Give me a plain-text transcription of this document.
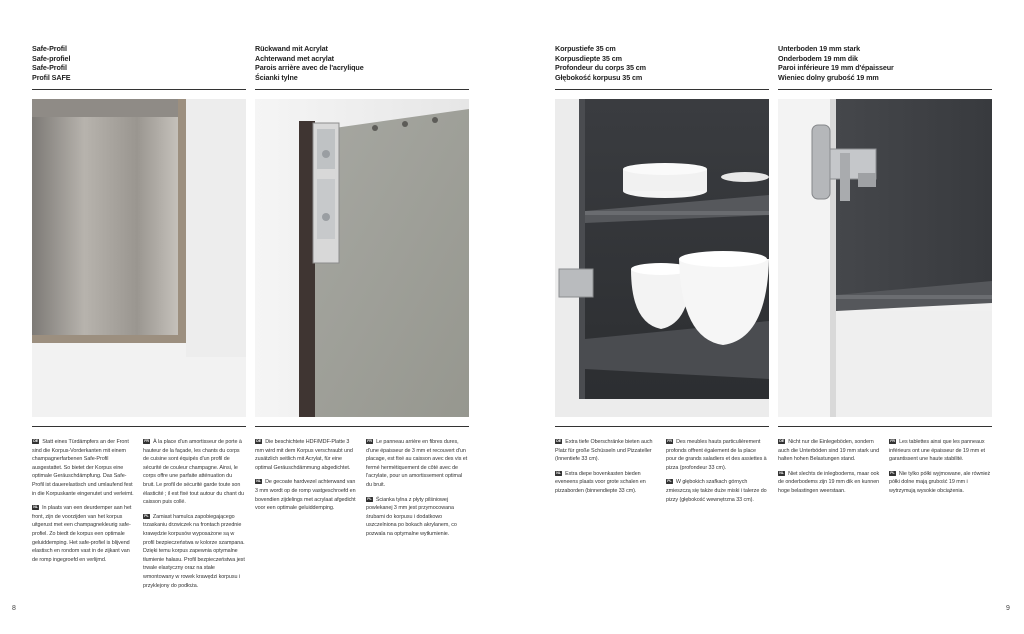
Safe-Profil
Safe-profiel
Safe-Profil
Profil SAFE

DE Statt eines Türdämpfers an der Front sind die Korpus-Vorderkanten mit einem champagnerfarbenen Safe-Profil ausgestattet. So bietet der Korpus eine optimale Geräuschdämpfung. Das Safe-Profil ist dauerelastisch und umlaufend fest in die Korpuskante eingenutet und verleimt.

NL In plaats van een deurdemper aan het front, zijn de voorzijden van het korpus uitgerust met een champagnekleurig safe-profiel. Zo biedt de korpus een optimale geluiddemping. Het safe-profiel is blijvend elastisch en rondom vast in de zijkant van de romp ingegroefd en verlijmd.

FR À la place d'un amortisseur de porte à hauteur de la façade, les chants du corps de cuisine sont équipés d'un profil de sécurité de couleur champagne. Ainsi, le corps offre une parfaite atténuation du bruit. Le profil de sécurité garde toute son élasticité ; il est fixé tout autour du chant du caisson puis collé.

PL Zamiast hamulca zapobiegającego trzaskaniu drzwiczek na frontach przednie krawędzie korpusów wyposażone są w profil bezpieczeństwa w kolorze szampana. Dzięki temu korpus zapewnia optymalne tłumienie hałasu. Profil bezpieczeństwa jest trwale elastyczny oraz na stałe wmontowany w rowek krawędzi korpusu i przyklejony do podłoża.

Rückwand mit Acrylat
Achterwand met acrylat
Parois arrière avec de l'acrylique
Ścianki tylne

DE Die beschichtete HDF/MDF-Platte 3 mm wird mit dem Korpus verschraubt und zusätzlich seitlich mit Acrylat, für eine optimal Geräuschdämmung abgedichtet.

NL De gecoate hardvezel achterwand van 3 mm wordt op de romp vastgeschroefd en bovendien zijdelings met acrylaat afgedicht voor een optimale geluiddemping.

FR Le panneau arrière en fibres dures, d'une épaisseur de 3 mm et recouvert d'un placage, est fixé au caisson avec des vis et fermé hermétiquement de côté avec de l'acrylate, pour un amortissement optimal du bruit.

PL Ścianka tylna z płyty pilśniowej powlekanej 3 mm jest przymocowana śrubami do korpusu i dodatkowo uszczelniona po bokach akrylanem, co pozwala na optymalne wytłumienie.

Korpustiefe 35 cm
Korpusdiepte 35 cm
Profondeur du corps 35 cm
Głębokość korpusu 35 cm

DE Extra tiefe Oberschränke bieten auch Platz für große Schüsseln und Pizzateller (Innentiefe 33 cm).

NL Extra diepe bovenkasten bieden eveneens plaats voor grote schalen en pizzaborden (binnendiepte 33 cm).

FR Des meubles hauts particulièrement profonds offrent également de la place pour de grands saladiers et des assiettes à pizza (profondeur 33 cm).

PL W głębokich szafkach górnych zmieszczą się także duże miski i talerze do pizzy (głębokość wewnętrzna 33 cm).

Unterboden 19 mm stark
Onderbodem 19 mm dik
Paroi inférieure 19 mm d'épaisseur
Wieniec dolny grubość 19 mm

DE Nicht nur die Einlegeböden, sondern auch die Unterböden sind 19 mm stark und halten hohen Belastungen stand.

NL Niet slechts de inlegbodems, maar ook de onderbodems zijn 19 mm dik en kunnen hoge belastingen weerstaan.

FR Les tablettes ainsi que les panneaux inférieurs ont une épaisseur de 19 mm et garantissent une haute stabilité.

PL Nie tylko półki wyjmowane, ale również półki dolne mają grubość 19 mm i wytrzymują wysokie obciążenia.

8	9
